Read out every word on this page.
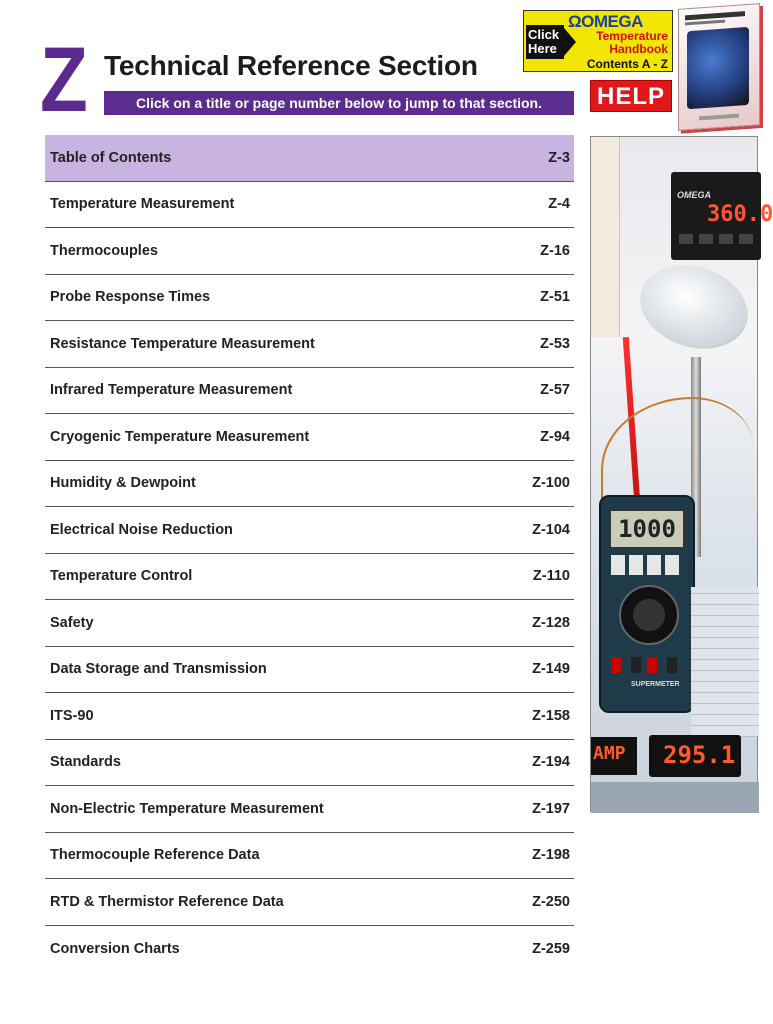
Z Technical Reference Section
Click on a title or page number below to jump to that section.
Click Here
ΩOMEGA
Temperature
Handbook
Contents A - Z
HELP
Table of Contents	Z-3
Temperature Measurement	Z-4
Thermocouples	Z-16
Probe Response Times	Z-51
Resistance Temperature Measurement	Z-53
Infrared Temperature Measurement	Z-57
Cryogenic Temperature Measurement	Z-94
Humidity & Dewpoint	Z-100
Electrical Noise Reduction	Z-104
Temperature Control	Z-110
Safety	Z-128
Data Storage and Transmission	Z-149
ITS-90	Z-158
Standards	Z-194
Non-Electric Temperature Measurement	Z-197
Thermocouple Reference Data	Z-198
RTD & Thermistor Reference Data	Z-250
Conversion Charts	Z-259
OMEGA
360.0
1000
SUPERMETER
AMP 295.1
